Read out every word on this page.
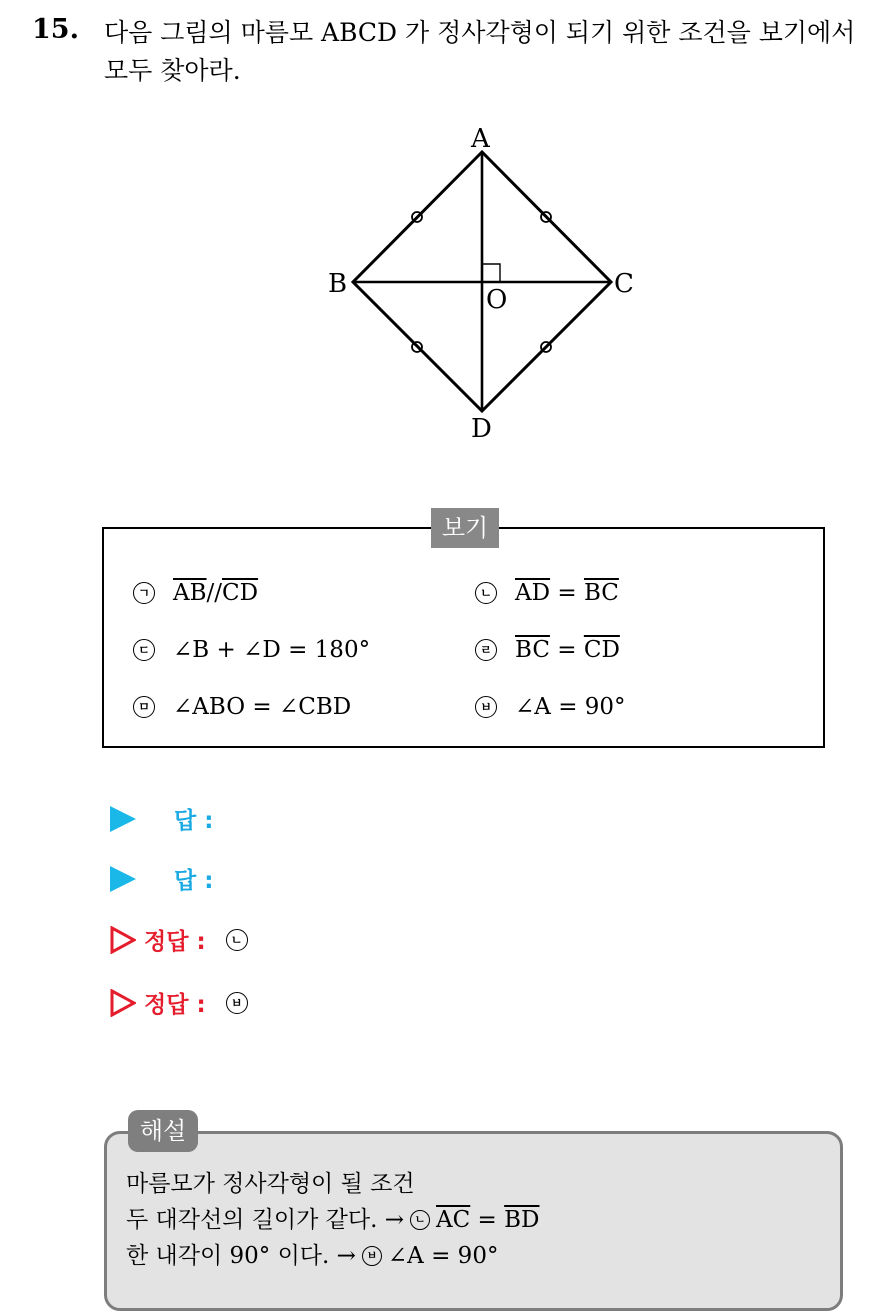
15. 다음 그림의 마름모 ABCD 가 정사각형이 되기 위한 조건을 보기에서
모두 찾아라.
A
B	C
D
O
보기
ㄱ $\overline{AB} // \overline{CD}$	ㄴ $\overline{AD} = \overline{BC}$
ㄷ ∠B + ∠D = 180°	ㄹ $\overline{BC} = \overline{CD}$
ㅁ ∠ABO = ∠CBD	ㅂ ∠A = 90°
답 :
답 :
정답 :	ㄴ
정답 :	ㅂ
해설
마름모가 정사각형이 될 조건
두 대각선의 길이가 같다. → ㄴ $\overline{AC} = \overline{BD}$
한 내각이 90° 이다. → ㅂ ∠A = 90°
